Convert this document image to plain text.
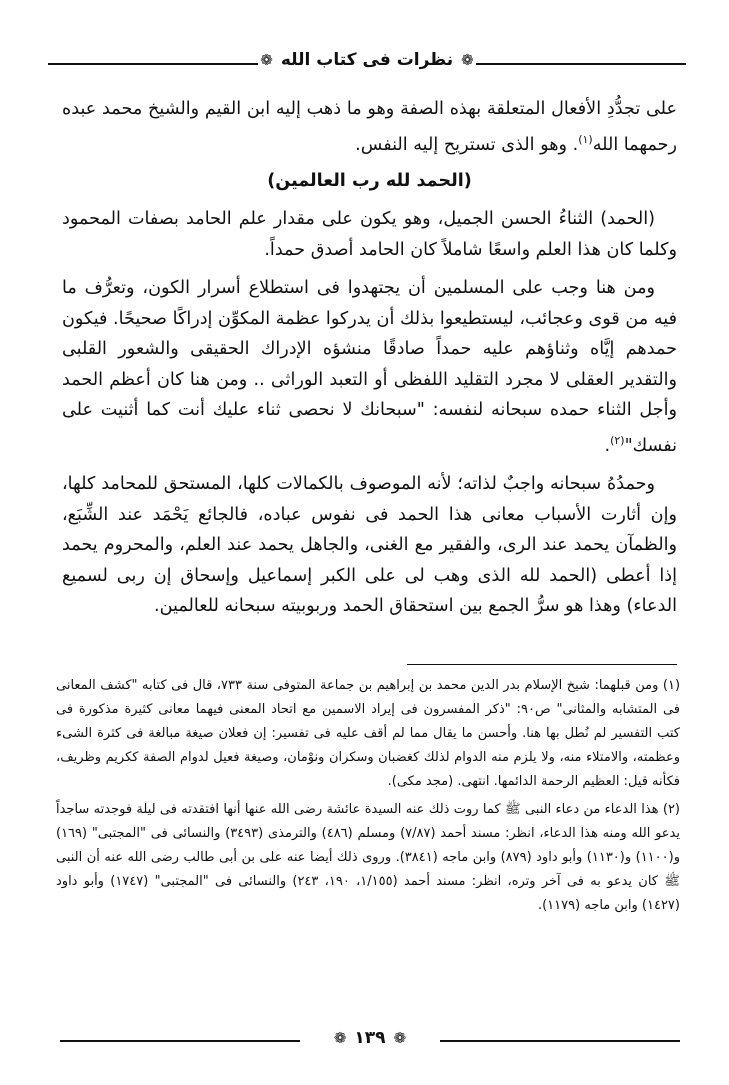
❁
نظرات فى كتاب الله
❁

على تجدُّدِ الأفعال المتعلقة بهذه الصفة وهو ما ذهب إليه ابن القيم والشيخ محمد عبده رحمهما الله$^{(١)}$. وهو الذى تستريح إليه النفس.

(الحمد لله رب العالمين)

(الحمد) الثناءُ الحسن الجميل، وهو يكون على مقدار علم الحامد بصفات المحمود وكلما كان هذا العلم واسعًا شاملاً كان الحامد أصدق حمداً.

ومن هنا وجب على المسلمين أن يجتهدوا فى استطلاع أسرار الكون، وتعرُّف ما فيه من قوى وعجائب، ليستطيعوا بذلك أن يدركوا عظمة المكوِّن إدراكًا صحيحًا. فيكون حمدهم إيَّاه وثناؤهم عليه حمداً صادقًا منشؤه الإدراك الحقيقى والشعور القلبى والتقدير العقلى لا مجرد التقليد اللفظى أو التعبد الوراثى .. ومن هنا كان أعظم الحمد وأجل الثناء حمده سبحانه لنفسه: "سبحانك لا نحصى ثناء عليك أنت كما أثنيت على نفسك"$^{(٢)}$.

وحمدُهُ سبحانه واجبٌ لذاته؛ لأنه الموصوف بالكمالات كلها، المستحق للمحامد كلها، وإن أثارت الأسباب معانى هذا الحمد فى نفوس عباده، فالجائع يَحْمَد عند الشِّبَع، والظمآن يحمد عند الرى، والفقير مع الغنى، والجاهل يحمد عند العلم، والمحروم يحمد إذا أعطى (الحمد لله الذى وهب لى على الكبر إسماعيل وإسحاق إن ربى لسميع الدعاء) وهذا هو سرُّ الجمع بين استحقاق الحمد وربوبيته سبحانه للعالمين.

(١) ومن قبلهما: شيخ الإسلام بدر الدين محمد بن إبراهيم بن جماعة المتوفى سنة ٧٣٣، قال فى كتابه "كشف المعانى فى المتشابه والمثانى" ص٩٠: "ذكر المفسرون فى إيراد الاسمين مع اتحاد المعنى فيهما معانى كثيرة مذكورة فى كتب التفسير لم نُطل بها هنا. وأحسن ما يقال مما لم أقف عليه فى تفسير: إن فعلان صيغة مبالغة فى كثرة الشىء وعظمته، والامتلاء منه، ولا يلزم منه الدوام لذلك كغضبان وسكران ونوْمان، وصيغة فعيل لدوام الصفة ككريم وظريف، فكأنه قيل: العظيم الرحمة الدائمها. انتهى. (مجد مكى).

(٢) هذا الدعاء من دعاء النبى ﷺ كما روت ذلك عنه السيدة عائشة رضى الله عنها أنها افتقدته فى ليلة فوجدته ساجداً يدعو الله ومنه هذا الدعاء، انظر: مسند أحمد (٧/٨٧) ومسلم (٤٨٦) والترمذى (٣٤٩٣) والنسائى فى "المجتبى" (١٦٩) و(١١٠٠) و(١١٣٠) وأبو داود (٨٧٩) وابن ماجه (٣٨٤١). وروى ذلك أيضا عنه على بن أبى طالب رضى الله عنه أن النبى ﷺ كان يدعو به فى آخر وتره، انظر: مسند أحمد (١/١٥٥، ١٩٠، ٢٤٣) والنسائى فى "المجتبى" (١٧٤٧) وأبو داود (١٤٢٧) وابن ماجه (١١٧٩).

❁
١٣٩
❁
